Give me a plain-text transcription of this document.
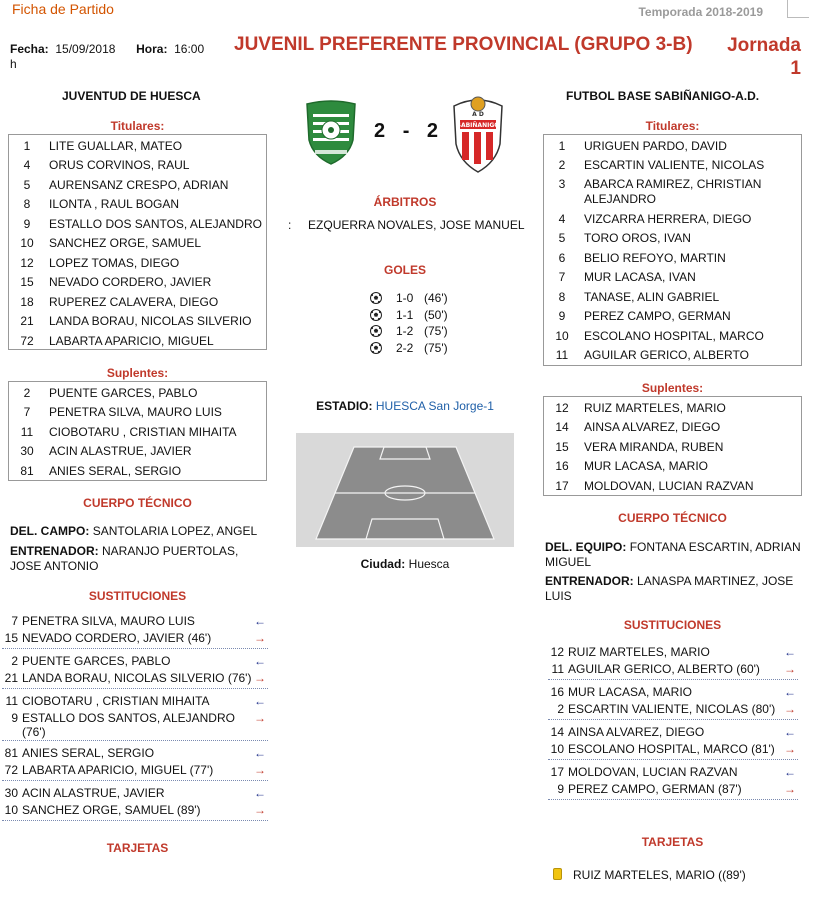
Ficha de Partido	Temporada 2018-2019
Fecha: 15/09/2018 Hora: 16:00
h
JUVENIL PREFERENTE PROVINCIAL (GRUPO 3-B) Jornada
1
JUVENTUD DE HUESCA	FUTBOL BASE SABIÑANIGO-A.D.
2 - 2	SABIÑANIGO
A D
Titulares:
1	LITE GUALLAR, MATEO
4	ORUS CORVINOS, RAUL
5	AURENSANZ CRESPO, ADRIAN
8	ILONTA , RAUL BOGAN
9	ESTALLO DOS SANTOS, ALEJANDRO
10	SANCHEZ ORGE, SAMUEL
12	LOPEZ TOMAS, DIEGO
15	NEVADO CORDERO, JAVIER
18	RUPEREZ CALAVERA, DIEGO
21	LANDA BORAU, NICOLAS SILVERIO
72	LABARTA APARICIO, MIGUEL
Suplentes:
2	PUENTE GARCES, PABLO
7	PENETRA SILVA, MAURO LUIS
11	CIOBOTARU , CRISTIAN MIHAITA
30	ACIN ALASTRUE, JAVIER
81	ANIES SERAL, SERGIO
CUERPO TÉCNICO
DEL. CAMPO: SANTOLARIA LOPEZ, ANGEL
ENTRENADOR: NARANJO PUERTOLAS, JOSE ANTONIO
SUSTITUCIONES
7 PENETRA SILVA, MAURO LUIS	←
15 NEVADO CORDERO, JAVIER (46')	→
2 PUENTE GARCES, PABLO	←
21 LANDA BORAU, NICOLAS SILVERIO (76') →
11 CIOBOTARU , CRISTIAN MIHAITA	←
9 ESTALLO DOS SANTOS, ALEJANDRO (76')
→
81 ANIES SERAL, SERGIO	←
72 LABARTA APARICIO, MIGUEL (77')	→
30 ACIN ALASTRUE, JAVIER	←
10 SANCHEZ ORGE, SAMUEL (89')	→
TARJETAS
ÁRBITROS
: EZQUERRA NOVALES, JOSE MANUEL
GOLES
1-0 (46')
1-1 (50')
1-2 (75')
2-2 (75')
ESTADIO: HUESCA San Jorge-1
Ciudad: Huesca
Titulares:
1	URIGUEN PARDO, DAVID
2	ESCARTIN VALIENTE, NICOLAS
3	ABARCA RAMIREZ, CHRISTIAN ALEJANDRO
4	VIZCARRA HERRERA, DIEGO
5	TORO OROS, IVAN
6	BELIO REFOYO, MARTIN
7	MUR LACASA, IVAN
8	TANASE, ALIN GABRIEL
9	PEREZ CAMPO, GERMAN
10	ESCOLANO HOSPITAL, MARCO
11	AGUILAR GERICO, ALBERTO
Suplentes:
12	RUIZ MARTELES, MARIO
14	AINSA ALVAREZ, DIEGO
15	VERA MIRANDA, RUBEN
16	MUR LACASA, MARIO
17	MOLDOVAN, LUCIAN RAZVAN
CUERPO TÉCNICO
DEL. EQUIPO: FONTANA ESCARTIN, ADRIAN MIGUEL
ENTRENADOR: LANASPA MARTINEZ, JOSE LUIS
SUSTITUCIONES
12 RUIZ MARTELES, MARIO	←
11 AGUILAR GERICO, ALBERTO (60')	→
16 MUR LACASA, MARIO	←
2 ESCARTIN VALIENTE, NICOLAS (80') →
14 AINSA ALVAREZ, DIEGO	←
10 ESCOLANO HOSPITAL, MARCO (81') →
17 MOLDOVAN, LUCIAN RAZVAN	←
9 PEREZ CAMPO, GERMAN (87')	→
TARJETAS
RUIZ MARTELES, MARIO ((89')
